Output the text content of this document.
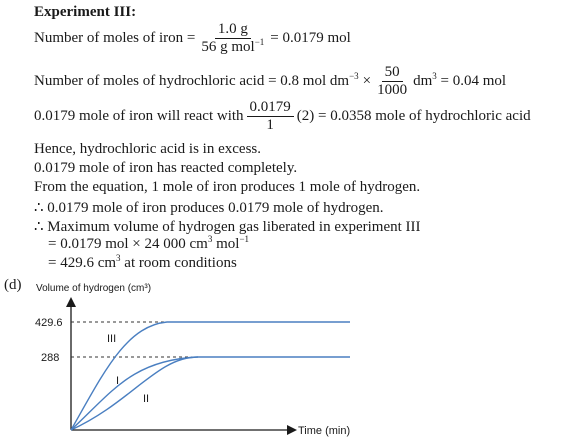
Experiment III:
Number of moles of iron = $\frac{1.0 g}{56 g mol^{-1}} = 0.0179$ mol
Number of moles of hydrochloric acid = 0.8 mol $dm^{-3} \times \frac{50}{1000} dm^3 = 0.04$ mol
0.0179 mole of iron will react with $\frac{0.0179}{1} (2) = 0.0358$ mole of hydrochloric acid
Hence, hydrochloric acid is in excess.
0.0179 mole of iron has reacted completely.
From the equation, 1 mole of iron produces 1 mole of hydrogen.
∴ 0.0179 mole of iron produces 0.0179 mole of hydrogen.
∴ Maximum volume of hydrogen gas liberated in experiment III
= 0.0179 mol × 24 000 $cm^3$ mol$^{-1}$
= 429.6 $cm^3$ at room conditions
(d) Volume of hydrogen (cm³)
Time (min)
429.6
288
III
I
II
